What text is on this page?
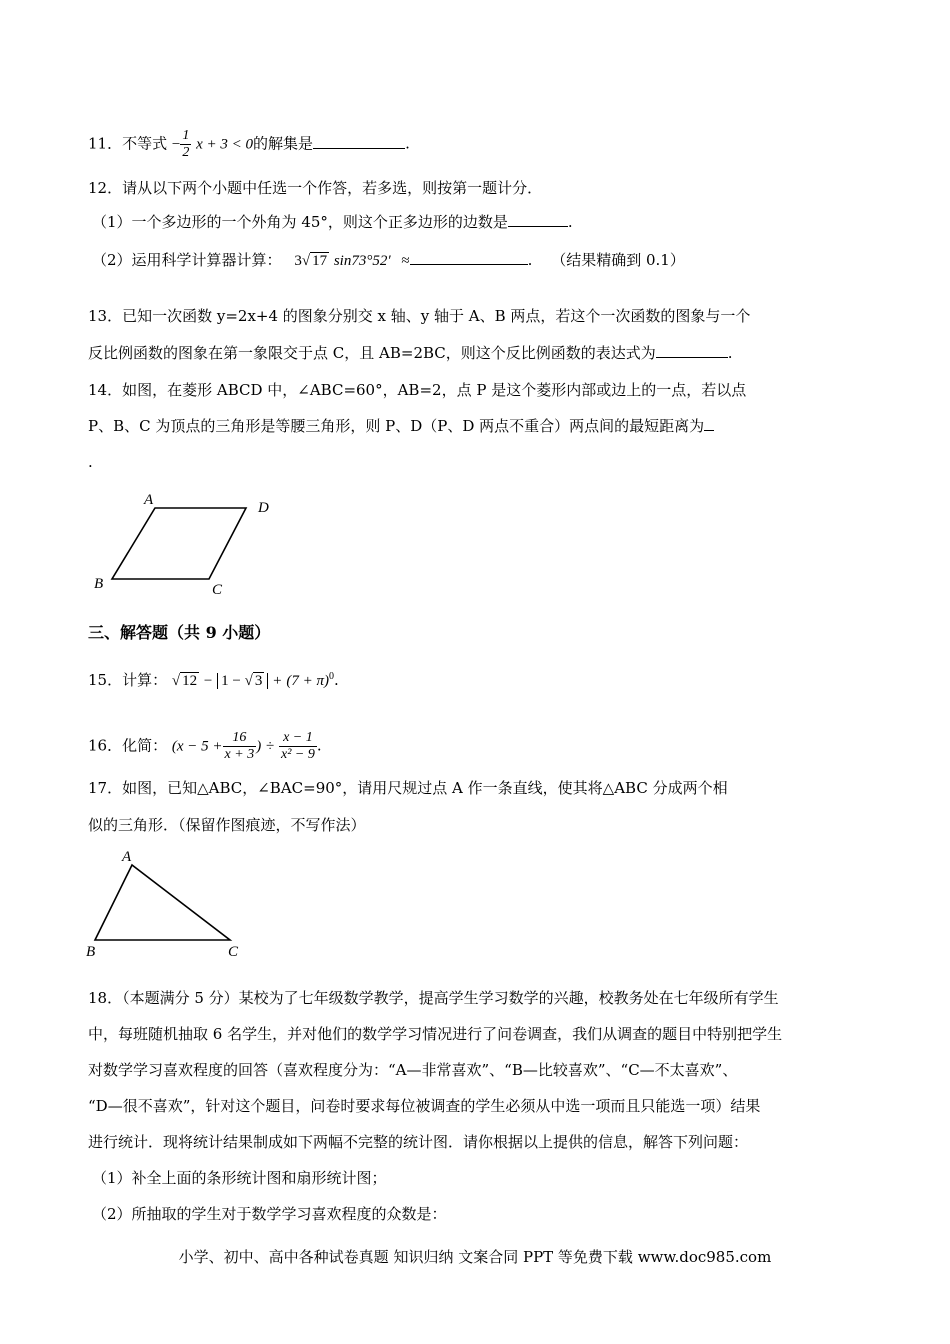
11．不等式 − $\frac{1}{2}$ x + 3 < 0的解集是	.
12．请从以下两个小题中任选一个作答，若多选，则按第一题计分．
（1）一个多边形的一个外角为 45°，则这个正多边形的边数是	.
（2）运用科学计算器计算： 3√ 17 sin73°52′ ≈	. （结果精确到 0.1）
13．已知一次函数 y=2x+4 的图象分别交 x 轴、y 轴于 A、B 两点，若这个一次函数的图象与一个
反比例函数的图象在第一象限交于点 C，且 AB=2BC，则这个反比例函数的表达式为	.
14．如图，在菱形 ABCD 中，∠ABC=60°，AB=2，点 P 是这个菱形内部或边上的一点，若以点
P、B、C 为顶点的三角形是等腰三角形，则 P、D（P、D 两点不重合）两点间的最短距离为
.
A	D
B	C
三、解答题（共 9 小题）
15．计算： √ 12 − 1 − √ $3 + (7 + \pi)^0$.
16．化简： ($x - 5 + \frac{16}{x + 3}$ ) ÷ $\frac{x - 1}{\text{x² − 9}}$ .
17．如图，已知△ABC，∠BAC=90°，请用尺规过点 A 作一条直线，使其将△ABC 分成两个相
似的三角形．（保留作图痕迹，不写作法）
A
B	C
18．（本题满分 5 分）某校为了七年级数学教学，提高学生学习数学的兴趣，校教务处在七年级所有学生
中，每班随机抽取 6 名学生，并对他们的数学学习情况进行了问卷调查，我们从调查的题目中特别把学生
对数学学习喜欢程度的回答（喜欢程度分为：“A—非常喜欢”、“B—比较喜欢”、“C—不太喜欢”、
“D—很不喜欢”，针对这个题目，问卷时要求每位被调查的学生必须从中选一项而且只能选一项）结果
进行统计．现将统计结果制成如下两幅不完整的统计图．请你根据以上提供的信息，解答下列问题：
（1）补全上面的条形统计图和扇形统计图；
（2）所抽取的学生对于数学学习喜欢程度的众数是：
小学、初中、高中各种试卷真题 知识归纳 文案合同 PPT 等免费下载 www.doc985.com
